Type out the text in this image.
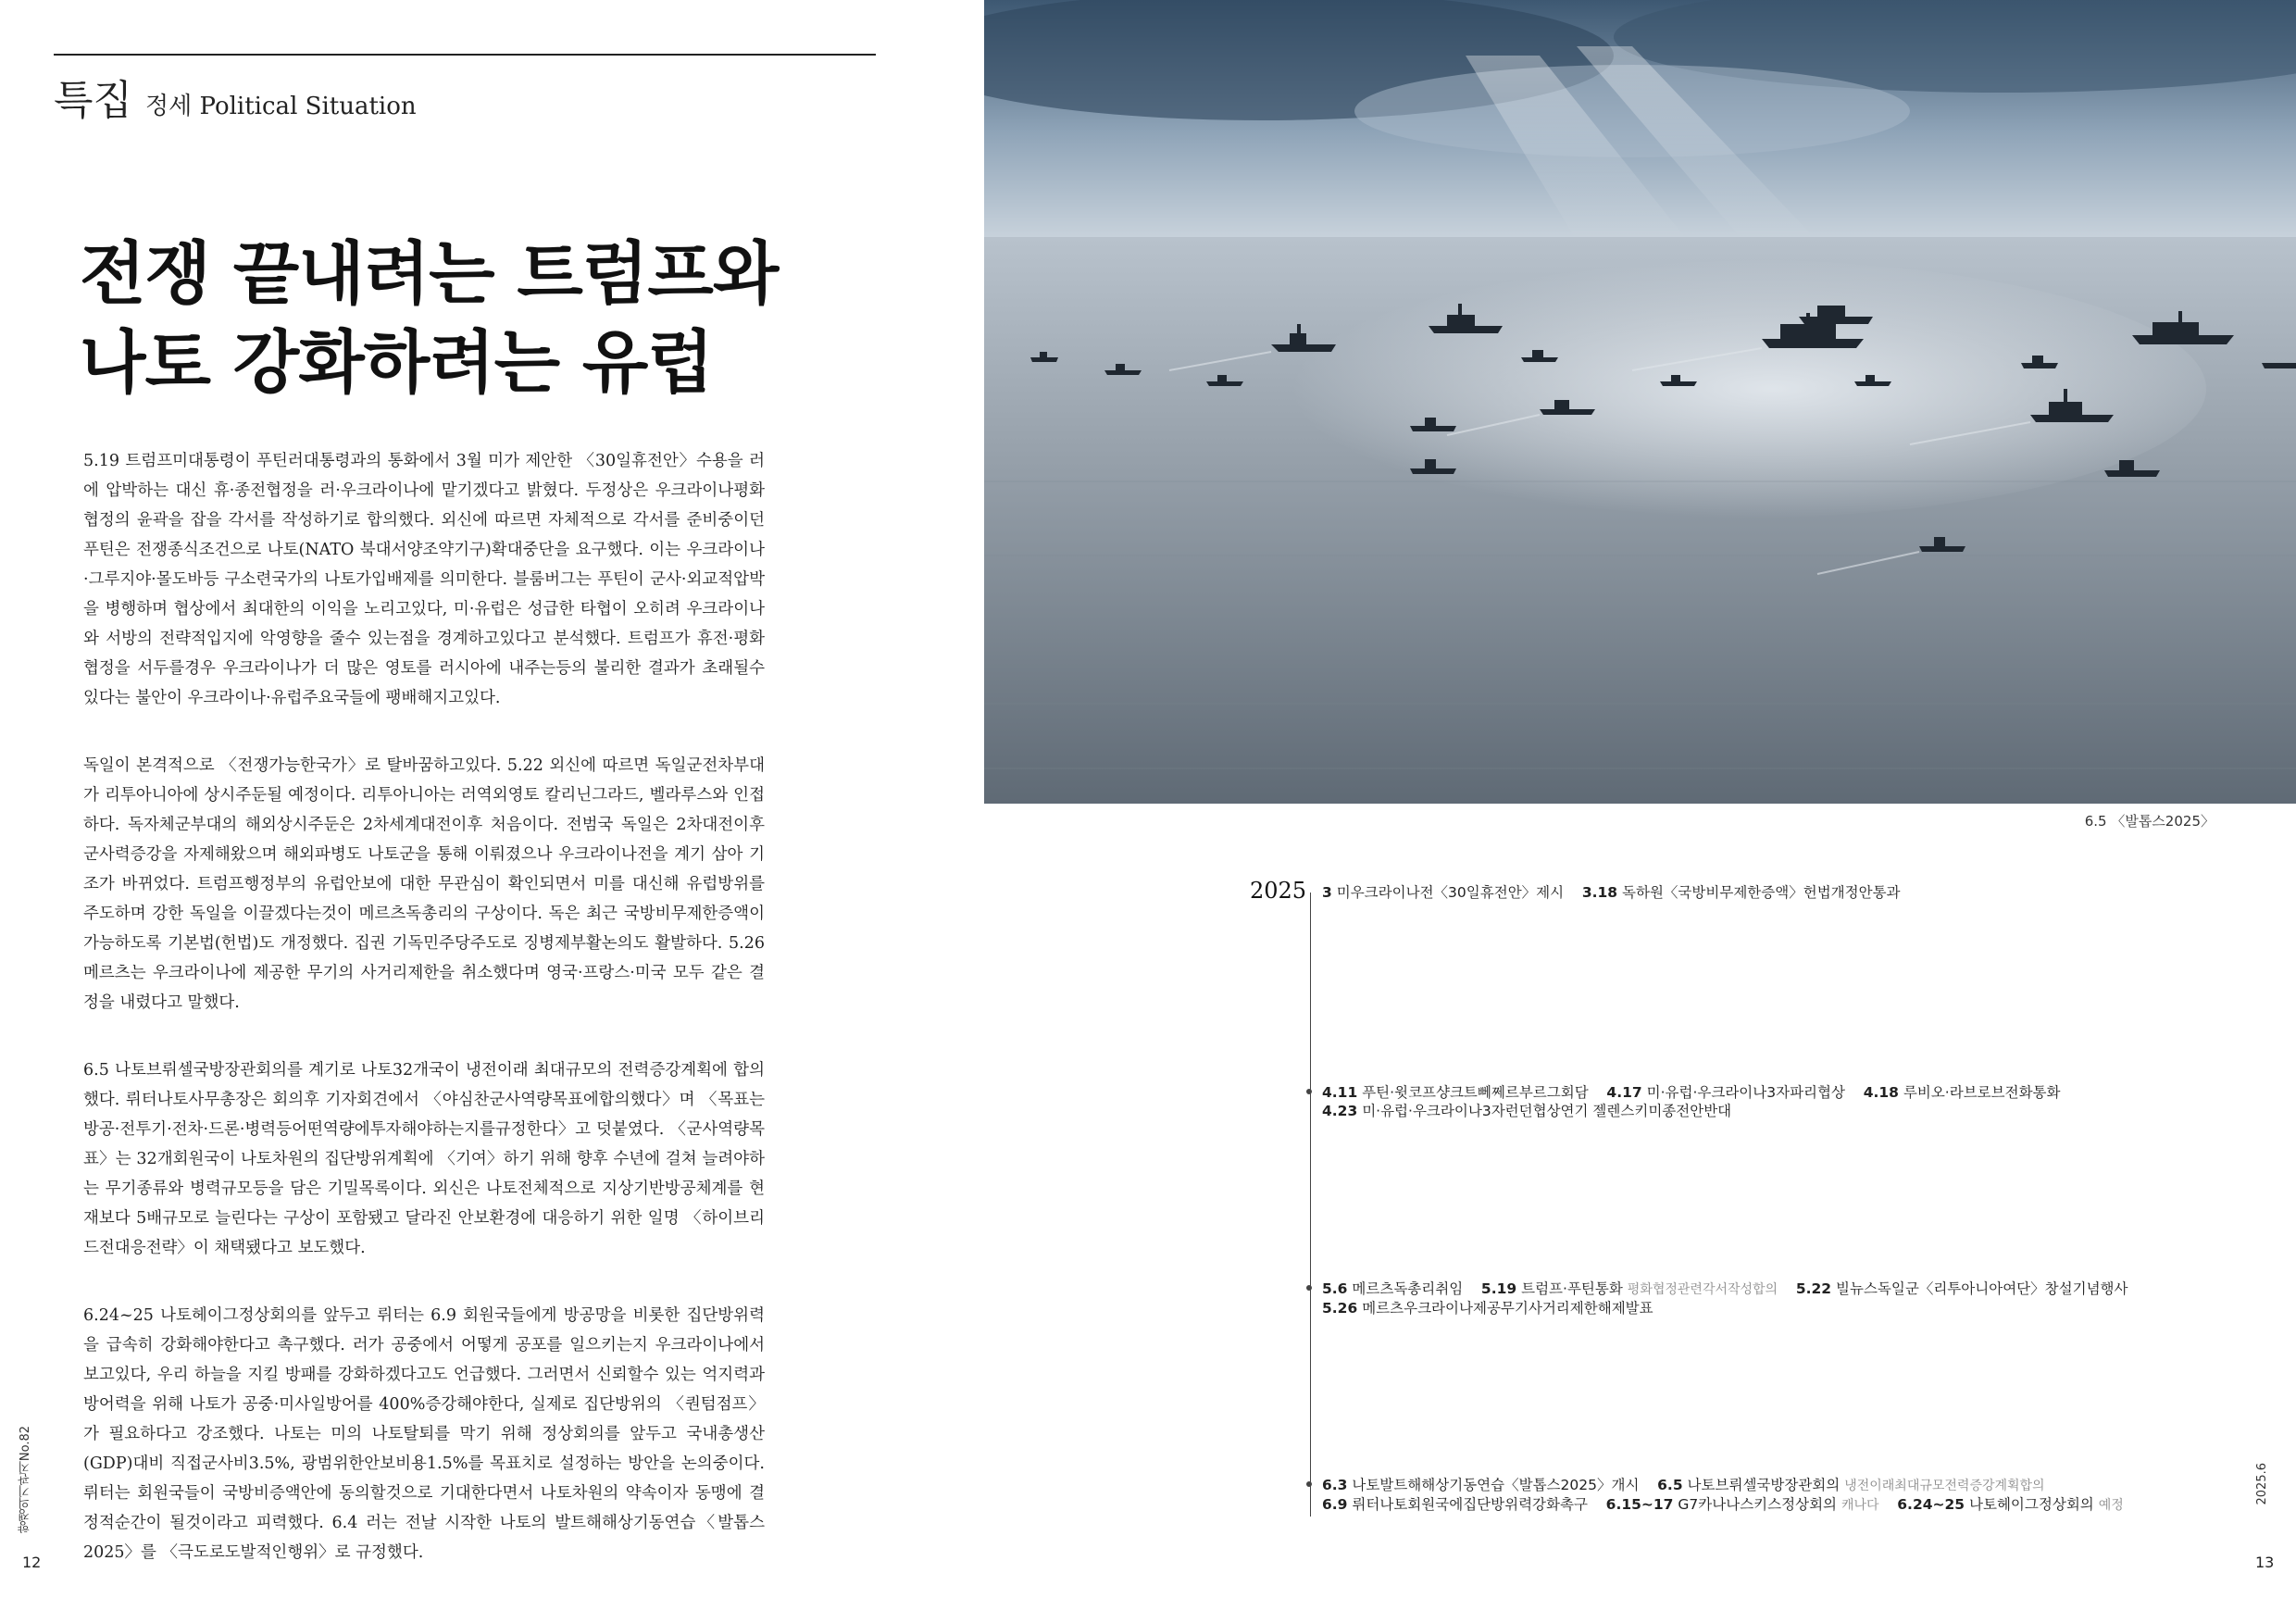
특집 정세 Political Situation
전쟁 끝내려는 트럼프와
나토 강화하려는 유럽

5.19 트럼프미대통령이 푸틴러대통령과의 통화에서 3월 미가 제안한 〈30일휴전안〉수용을 러에 압박하는 대신 휴·종전협정을 러·우크라이나에 맡기겠다고 밝혔다. 두정상은 우크라이나평화협정의 윤곽을 잡을 각서를 작성하기로 합의했다. 외신에 따르면 자체적으로 각서를 준비중이던 푸틴은 전쟁종식조건으로 나토(NATO 북대서양조약기구)확대중단을 요구했다. 이는 우크라이나·그루지야·몰도바등 구소련국가의 나토가입배제를 의미한다. 블룸버그는 푸틴이 군사·외교적압박을 병행하며 협상에서 최대한의 이익을 노리고있다, 미·유럽은 성급한 타협이 오히려 우크라이나와 서방의 전략적입지에 악영향을 줄수 있는점을 경계하고있다고 분석했다. 트럼프가 휴전·평화협정을 서두를경우 우크라이나가 더 많은 영토를 러시아에 내주는등의 불리한 결과가 초래될수 있다는 불안이 우크라이나·유럽주요국들에 팽배해지고있다.

독일이 본격적으로 〈전쟁가능한국가〉로 탈바꿈하고있다. 5.22 외신에 따르면 독일군전차부대가 리투아니아에 상시주둔될 예정이다. 리투아니아는 러역외영토 칼리닌그라드, 벨라루스와 인접하다. 독자체군부대의 해외상시주둔은 2차세계대전이후 처음이다. 전범국 독일은 2차대전이후 군사력증강을 자제해왔으며 해외파병도 나토군을 통해 이뤄졌으나 우크라이나전을 계기 삼아 기조가 바뀌었다. 트럼프행정부의 유럽안보에 대한 무관심이 확인되면서 미를 대신해 유럽방위를 주도하며 강한 독일을 이끌겠다는것이 메르츠독총리의 구상이다. 독은 최근 국방비무제한증액이 가능하도록 기본법(헌법)도 개정했다. 집권 기독민주당주도로 징병제부활논의도 활발하다. 5.26 메르츠는 우크라이나에 제공한 무기의 사거리제한을 취소했다며 영국·프랑스·미국 모두 같은 결정을 내렸다고 말했다.

6.5 나토브뤼셀국방장관회의를 계기로 나토32개국이 냉전이래 최대규모의 전력증강계획에 합의했다. 뤼터나토사무총장은 회의후 기자회견에서 〈야심찬군사역량목표에합의했다〉며 〈목표는방공·전투기·전차·드론·병력등어떤역량에투자해야하는지를규정한다〉고 덧붙였다. 〈군사역량목표〉는 32개회원국이 나토차원의 집단방위계획에 〈기여〉하기 위해 향후 수년에 걸쳐 늘려야하는 무기종류와 병력규모등을 담은 기밀목록이다. 외신은 나토전체적으로 지상기반방공체계를 현재보다 5배규모로 늘린다는 구상이 포함됐고 달라진 안보환경에 대응하기 위한 일명 〈하이브리드전대응전략〉이 채택됐다고 보도했다.

6.24~25 나토헤이그정상회의를 앞두고 뤼터는 6.9 회원국들에게 방공망을 비롯한 집단방위력을 급속히 강화해야한다고 촉구했다. 러가 공중에서 어떻게 공포를 일으키는지 우크라이나에서 보고있다, 우리 하늘을 지킬 방패를 강화하겠다고도 언급했다. 그러면서 신뢰할수 있는 억지력과 방어력을 위해 나토가 공중·미사일방어를 400%증강해야한다, 실제로 집단방위의 〈퀀텀점프〉가 필요하다고 강조했다. 나토는 미의 나토탈퇴를 막기 위해 정상회의를 앞두고 국내총생산(GDP)대비 직접군사비3.5%, 광범위한안보비용1.5%를 목표치로 설정하는 방안을 논의중이다. 뤼터는 회원국들이 국방비증액안에 동의할것으로 기대한다면서 나토차원의 약속이자 동맹에 결정적순간이 될것이라고 피력했다. 6.4 러는 전날 시작한 나토의 발트해해상기동연습〈발톱스2025〉를 〈극도로도발적인행위〉로 규정했다.

향쟁의기관지No.82
12
2025.6
13
6.5 〈발톱스2025〉
2025 3 미우크라이나전〈30일휴전안〉제시 3.18 독하원〈국방비무제한증액〉헌법개정안통과
4.11 푸틴·윗코프샹크트뻬쩨르부르그회담 4.17 미·유럽·우크라이나3자파리협상 4.18 루비오·라브로브전화통화
4.23 미·유럽·우크라이나3자런던협상연기 젤렌스키미종전안반대
5.6 메르츠독총리취임 5.19 트럼프·푸틴통화 평화협정관련각서작성합의 5.22 빌뉴스독일군〈리투아니아여단〉창설기념행사
5.26 메르츠우크라이나제공무기사거리제한해제발표
6.3 나토발트해해상기동연습〈발톱스2025〉개시 6.5 나토브뤼셀국방장관회의 냉전이래최대규모전력증강계획합의
6.9 뤼터나토회원국에집단방위력강화촉구 6.15~17 G7카나나스키스정상회의 캐나다 6.24~25 나토헤이그정상회의 예정
